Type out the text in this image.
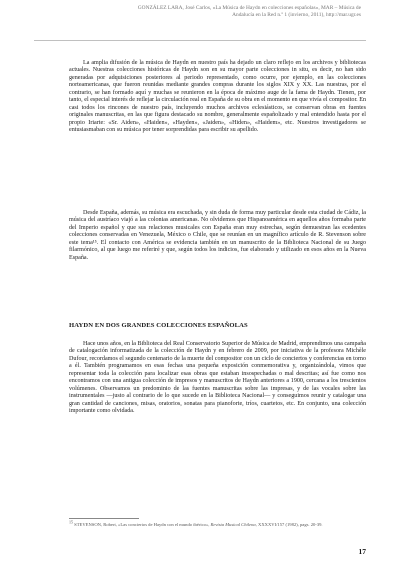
GONZÁLEZ LARA, José Carlos, «La Música de Haydn en colecciones españolas», MAR – Música de
Andalucía en la Red n.º 1 (invierno, 2011), http://mar.ugr.es

La amplia difusión de la música de Haydn en nuestro país ha dejado un claro reflejo en los archivos y bibliotecas actuales. Nuestras colecciones históricas de Haydn son en su mayor parte colecciones in situ, es decir, no han sido generadas por adquisiciones posteriores al periodo representado, como ocurre, por ejemplo, en las colecciones norteamericanas, que fueron reunidas mediante grandes compras durante los siglos XIX y XX. Las nuestras, por el contrario, se han formado aquí y muchas se reunieron en la época de máximo auge de la fama de Haydn. Tienen, por tanto, el especial interés de reflejar la circulación real en España de su obra en el momento en que vivía el compositor. En casi todos los rincones de nuestro país, incluyendo muchos archivos eclesiásticos, se conservan obras en fuentes originales manuscritas, en las que figura destacado su nombre, generalmente españolizado y mal entendido hasta por el propio Iriarte: «Sr. Aiden», «Haiden», «Hayden», «Jaiden», «Hiden», «Haidem», etc. Nuestros investigadores se entusiasmaban con su música por tener sorprendidas para escribir su apellido.

Desde España, además, su música era escuchada, y sin duda de forma muy particular desde esta ciudad de Cádiz, la música del austríaco viajó a las colonias americanas. No olvidemos que Hispanoamérica en aquellos años formaba parte del Imperio español y que sus relaciones musicales con España eran muy estrechas, según demuestran las ecedentes colecciones conservadas en Venezuela, México o Chile, que se reunían en un magnífico artículo de R. Stevenson sobre este tema¹⁵. El contacto con América se evidencia también en un manuscrito de la Biblioteca Nacional de su Juego filarmónico, al que luego me referiré y que, según todos los indicios, fue elaborado y utilizado en esos años en la Nueva España.

HAYDN EN DOS GRANDES COLECCIONES ESPAÑOLAS

Hace unos años, en la Biblioteca del Real Conservatorio Superior de Música de Madrid, emprendimos una campaña de catalogación informatizada de la colección de Haydn y en febrero de 2009, por iniciativa de la profesora Michèle Dufour, recordamos el segundo centenario de la muerte del compositor con un ciclo de conciertos y conferencias en torno a él. También programamos en esas fechas una pequeña exposición conmemorativa y, organizándola, vimos que representar toda la colección para localizar esas obras que estaban insospechadas o mal descritas; así fue como nos encontramos con una antigua colección de impresos y manuscritos de Haydn anteriores a 1900, cercana a los trescientos volúmenes. Observamos un predominio de las fuentes manuscritas sobre las impresas, y de las vocales sobre las instrumentales —justo al contrario de lo que sucede en la Biblioteca Nacional— y conseguimos reunir y catalogar una gran cantidad de canciones, misas, oratorios, sonatas para pianoforte, tríos, cuartetos, etc. En conjunto, una colección importante como olvidada.

$^{15}$ STEVENSON, Robert, «Las conciertos de Haydn con el mundo ibérico», Revista Musical Chilena, XXXXVI/157 (1982), pags. 20-39.

17
